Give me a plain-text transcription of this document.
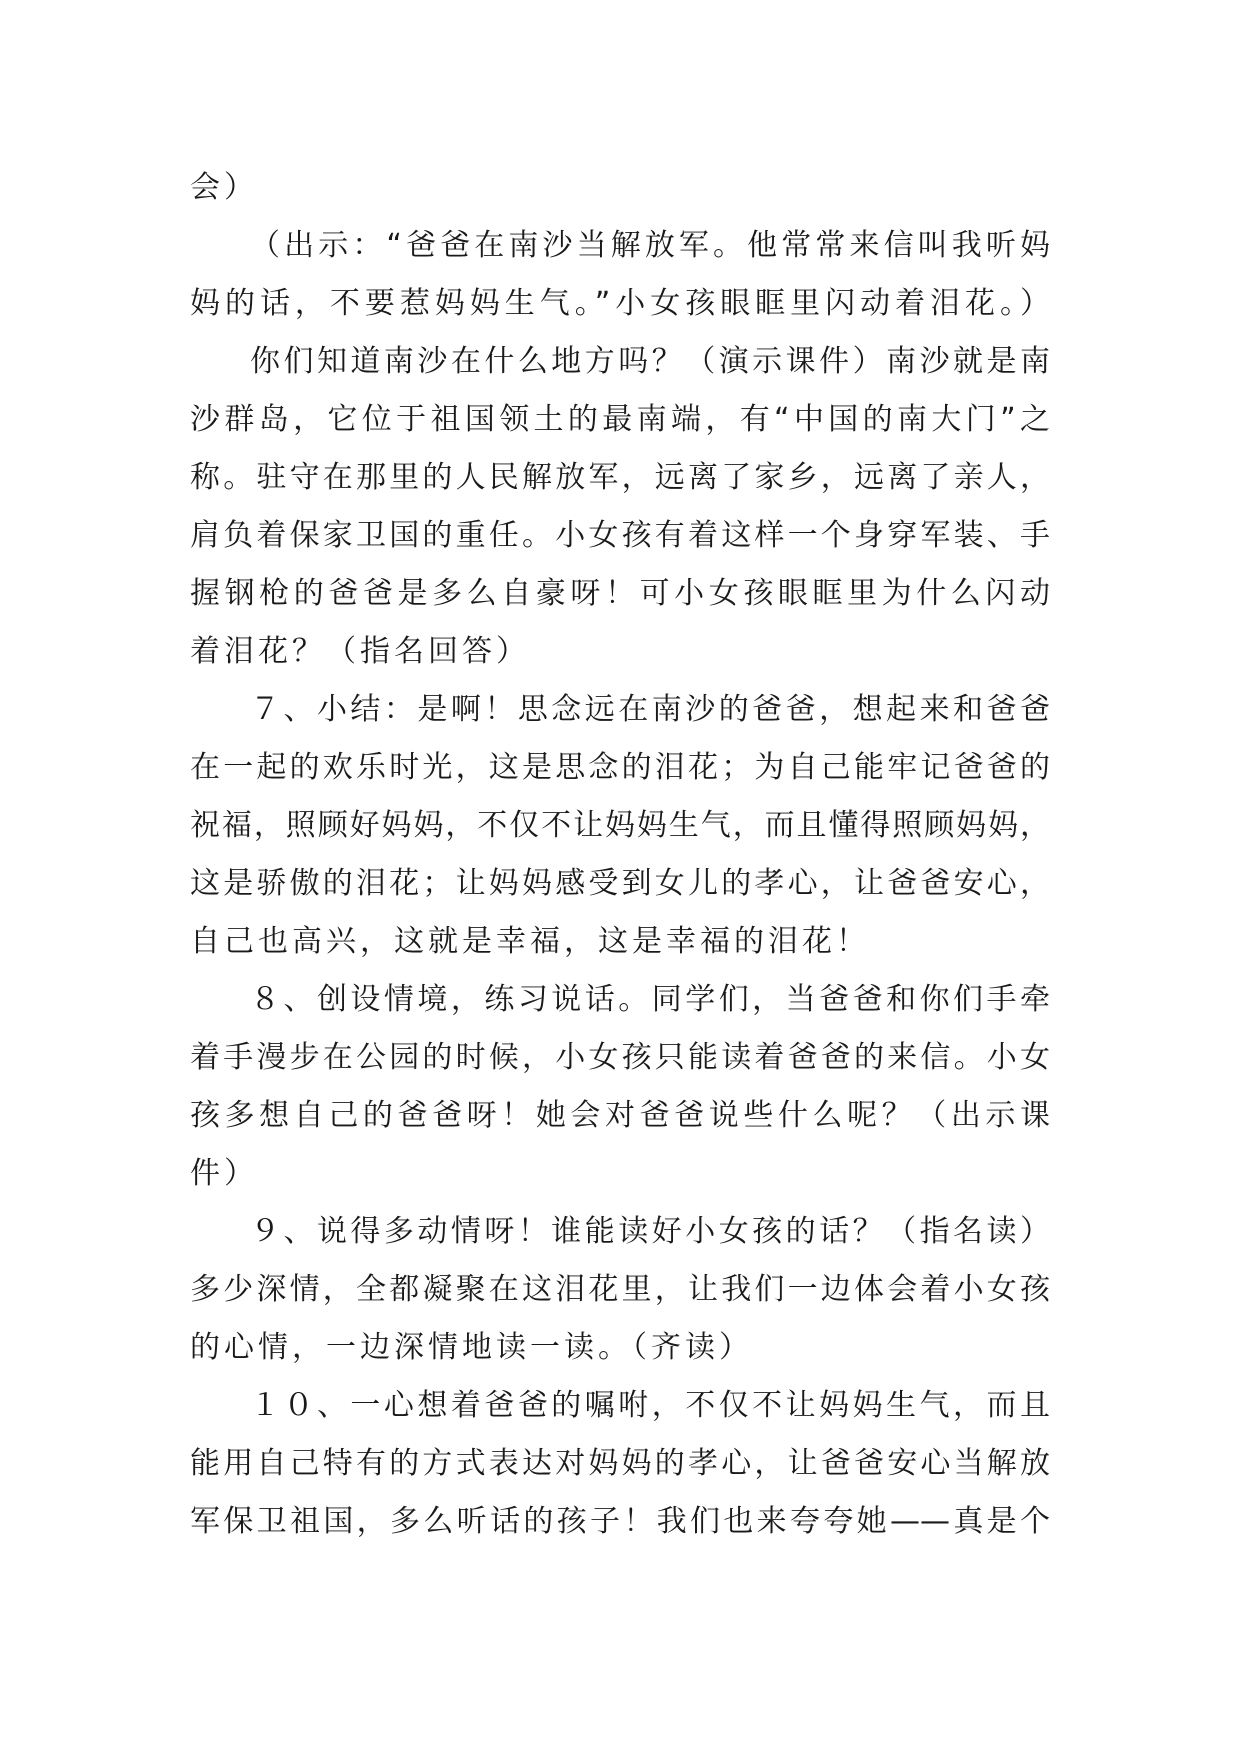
会）
（出示：“爸爸在南沙当解放军。他常常来信叫我听妈
妈的话，不要惹妈妈生气。”小女孩眼眶里闪动着泪花。）
你们知道南沙在什么地方吗？（演示课件）南沙就是南
沙群岛，它位于祖国领土的最南端，有“中国的南大门”之
称。驻守在那里的人民解放军，远离了家乡，远离了亲人，
肩负着保家卫国的重任。小女孩有着这样一个身穿军装、手
握钢枪的爸爸是多么自豪呀！可小女孩眼眶里为什么闪动
着泪花？（指名回答）
７、小结：是啊！思念远在南沙的爸爸，想起来和爸爸
在一起的欢乐时光，这是思念的泪花；为自己能牢记爸爸的
祝福，照顾好妈妈，不仅不让妈妈生气，而且懂得照顾妈妈，
这是骄傲的泪花；让妈妈感受到女儿的孝心，让爸爸安心，
自己也高兴，这就是幸福，这是幸福的泪花！
８、创设情境，练习说话。同学们，当爸爸和你们手牵
着手漫步在公园的时候，小女孩只能读着爸爸的来信。小女
孩多想自己的爸爸呀！她会对爸爸说些什么呢？（出示课
件）
９、说得多动情呀！谁能读好小女孩的话？（指名读）
多少深情，全都凝聚在这泪花里，让我们一边体会着小女孩
的心情，一边深情地读一读。（齐读）
１０、一心想着爸爸的嘱咐，不仅不让妈妈生气，而且
能用自己特有的方式表达对妈妈的孝心，让爸爸安心当解放
军保卫祖国，多么听话的孩子！我们也来夸夸她——真是个
